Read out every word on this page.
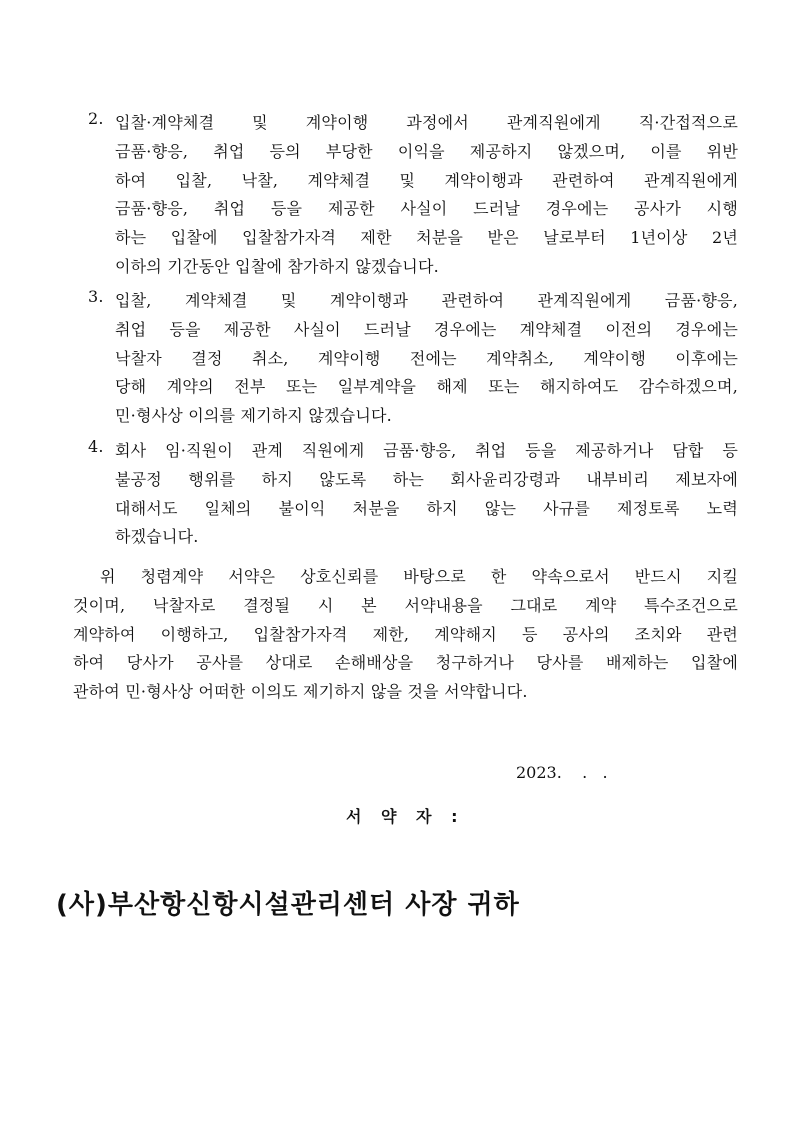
2. 입찰·계약체결 및 계약이행 과정에서 관계직원에게 직·간접적으로
금품·향응, 취업 등의 부당한 이익을 제공하지 않겠으며, 이를 위반
하여 입찰, 낙찰, 계약체결 및 계약이행과 관련하여 관계직원에게
금품·향응, 취업 등을 제공한 사실이 드러날 경우에는 공사가 시행
하는 입찰에 입찰참가자격 제한 처분을 받은 날로부터 1년이상 2년
이하의 기간동안 입찰에 참가하지 않겠습니다.
3. 입찰, 계약체결 및 계약이행과 관련하여 관계직원에게 금품·향응,
취업 등을 제공한 사실이 드러날 경우에는 계약체결 이전의 경우에는
낙찰자 결정 취소, 계약이행 전에는 계약취소, 계약이행 이후에는
당해 계약의 전부 또는 일부계약을 해제 또는 해지하여도 감수하겠으며,
민·형사상 이의를 제기하지 않겠습니다.
4. 회사 임·직원이 관계 직원에게 금품·향응, 취업 등을 제공하거나 담합 등
불공정 행위를 하지 않도록 하는 회사윤리강령과 내부비리 제보자에
대해서도 일체의 불이익 처분을 하지 않는 사규를 제정토록 노력
하겠습니다.
위 청렴계약 서약은 상호신뢰를 바탕으로 한 약속으로서 반드시 지킬
것이며, 낙찰자로 결정될 시 본 서약내용을 그대로 계약 특수조건으로
계약하여 이행하고, 입찰참가자격 제한, 계약해지 등 공사의 조치와 관련
하여 당사가 공사를 상대로 손해배상을 청구하거나 당사를 배제하는 입찰에
관하여 민·형사상 어떠한 이의도 제기하지 않을 것을 서약합니다.
2023.    .   .
서 약 자 :
(사)부산항신항시설관리센터 사장 귀하
